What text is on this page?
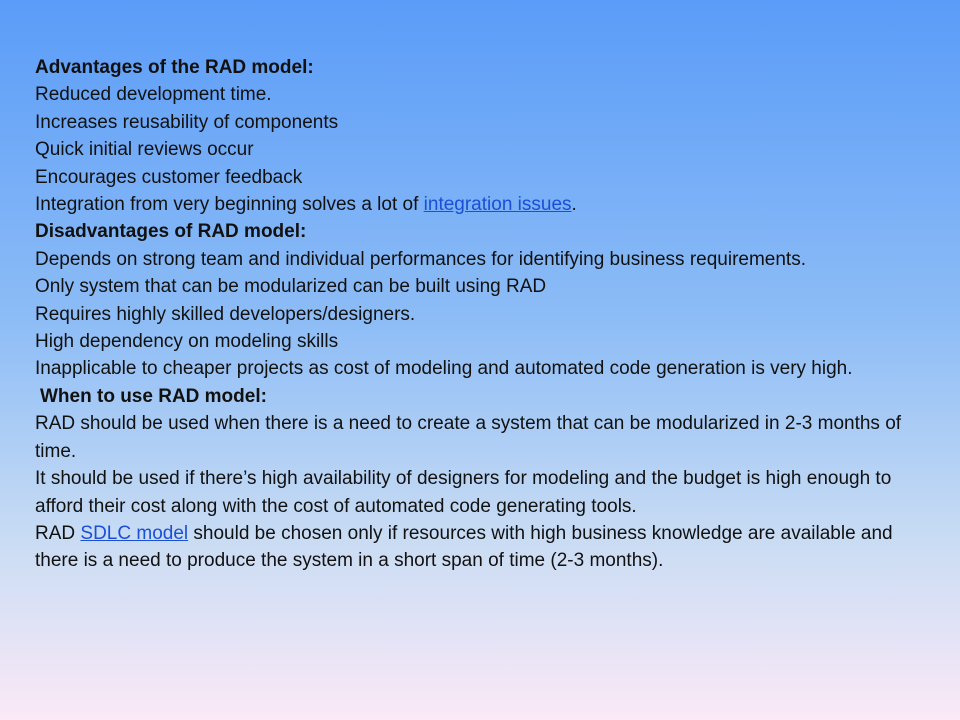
Advantages of the RAD model:

Reduced development time.

Increases reusability of components

Quick initial reviews occur

Encourages customer feedback

Integration from very beginning solves a lot of integration issues.

Disadvantages of RAD model:

Depends on strong team and individual performances for identifying business requirements.

Only system that can be modularized can be built using RAD

Requires highly skilled developers/designers.

High dependency on modeling skills

Inapplicable to cheaper projects as cost of modeling and automated code generation is very high.

When to use RAD model:

RAD should be used when there is a need to create a system that can be modularized in 2-3 months of time.

It should be used if there’s high availability of designers for modeling and the budget is high enough to afford their cost along with the cost of automated code generating tools.

RAD SDLC model should be chosen only if resources with high business knowledge are available and there is a need to produce the system in a short span of time (2-3 months).
